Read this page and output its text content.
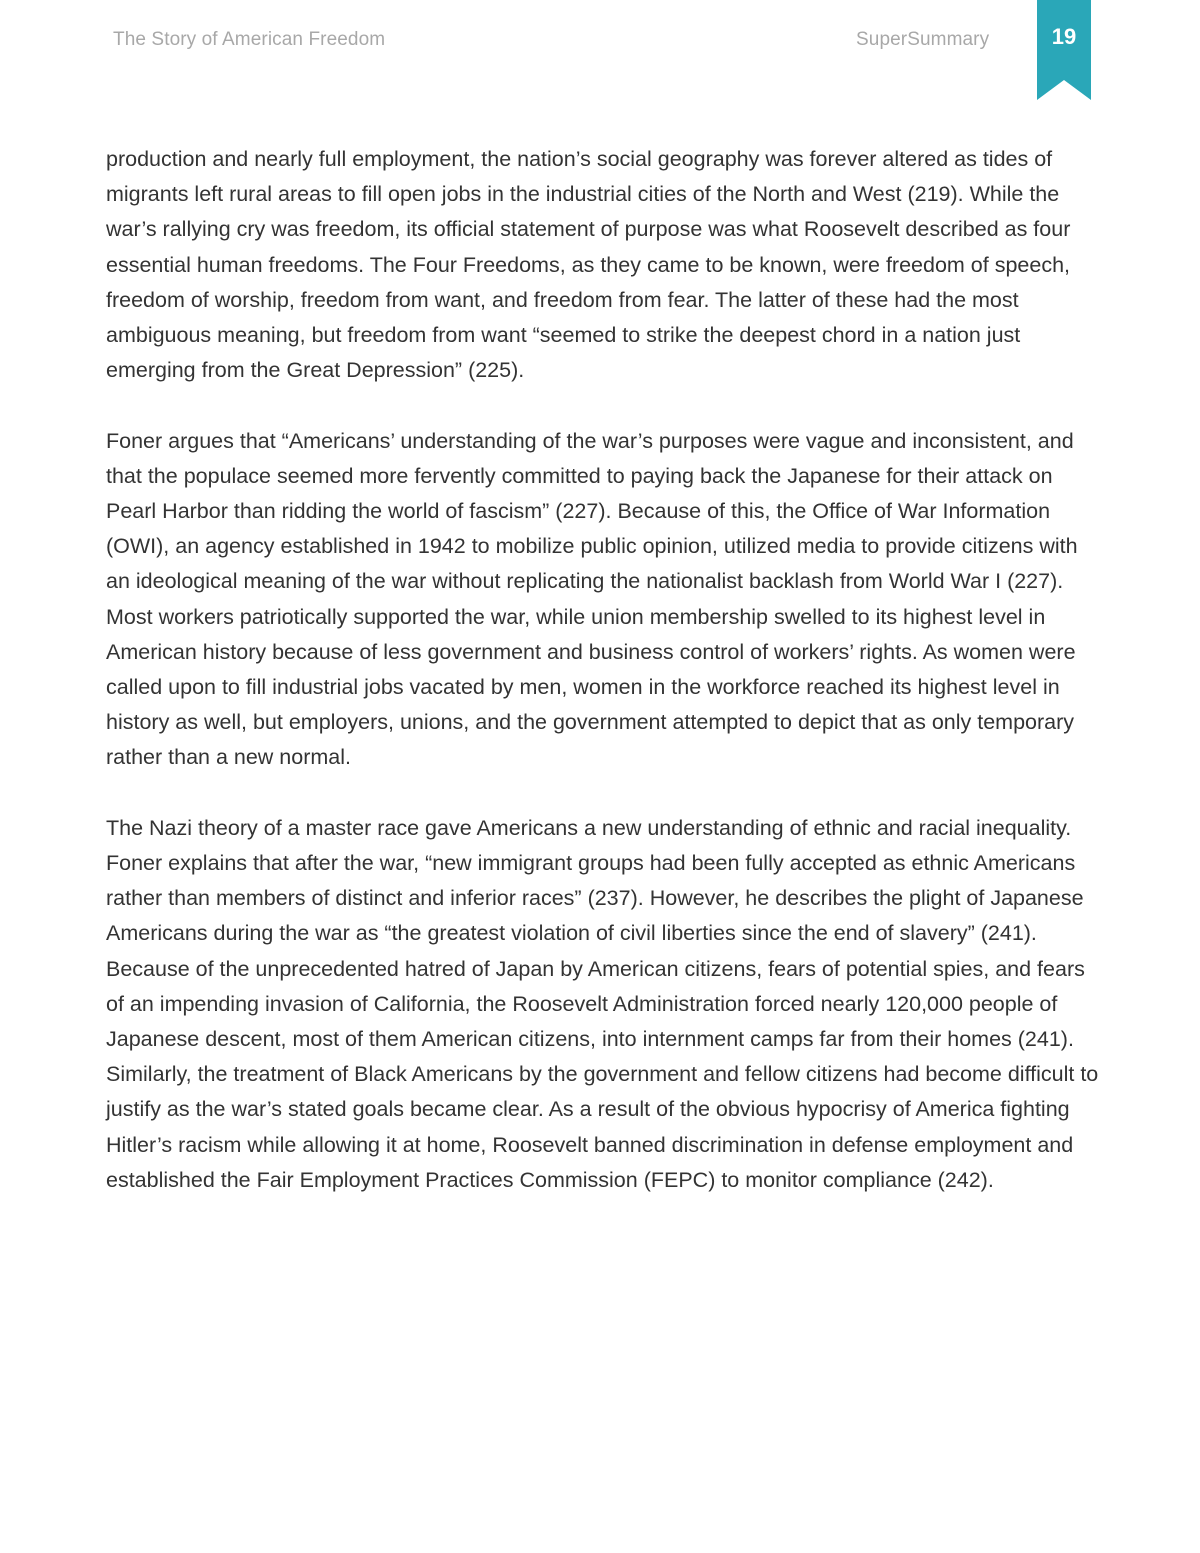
The Story of American Freedom	SuperSummary	19

production and nearly full employment, the nation’s social geography was forever altered as tides of migrants left rural areas to fill open jobs in the industrial cities of the North and West (219). While the war’s rallying cry was freedom, its official statement of purpose was what Roosevelt described as four essential human freedoms. The Four Freedoms, as they came to be known, were freedom of speech, freedom of worship, freedom from want, and freedom from fear. The latter of these had the most ambiguous meaning, but freedom from want “seemed to strike the deepest chord in a nation just emerging from the Great Depression” (225).

Foner argues that “Americans’ understanding of the war’s purposes were vague and inconsistent, and that the populace seemed more fervently committed to paying back the Japanese for their attack on Pearl Harbor than ridding the world of fascism” (227). Because of this, the Office of War Information (OWI), an agency established in 1942 to mobilize public opinion, utilized media to provide citizens with an ideological meaning of the war without replicating the nationalist backlash from World War I (227). Most workers patriotically supported the war, while union membership swelled to its highest level in American history because of less government and business control of workers’ rights. As women were called upon to fill industrial jobs vacated by men, women in the workforce reached its highest level in history as well, but employers, unions, and the government attempted to depict that as only temporary rather than a new normal.

The Nazi theory of a master race gave Americans a new understanding of ethnic and racial inequality. Foner explains that after the war, “new immigrant groups had been fully accepted as ethnic Americans rather than members of distinct and inferior races” (237). However, he describes the plight of Japanese Americans during the war as “the greatest violation of civil liberties since the end of slavery” (241). Because of the unprecedented hatred of Japan by American citizens, fears of potential spies, and fears of an impending invasion of California, the Roosevelt Administration forced nearly 120,000 people of Japanese descent, most of them American citizens, into internment camps far from their homes (241). Similarly, the treatment of Black Americans by the government and fellow citizens had become difficult to justify as the war’s stated goals became clear. As a result of the obvious hypocrisy of America fighting Hitler’s racism while allowing it at home, Roosevelt banned discrimination in defense employment and established the Fair Employment Practices Commission (FEPC) to monitor compliance (242).
